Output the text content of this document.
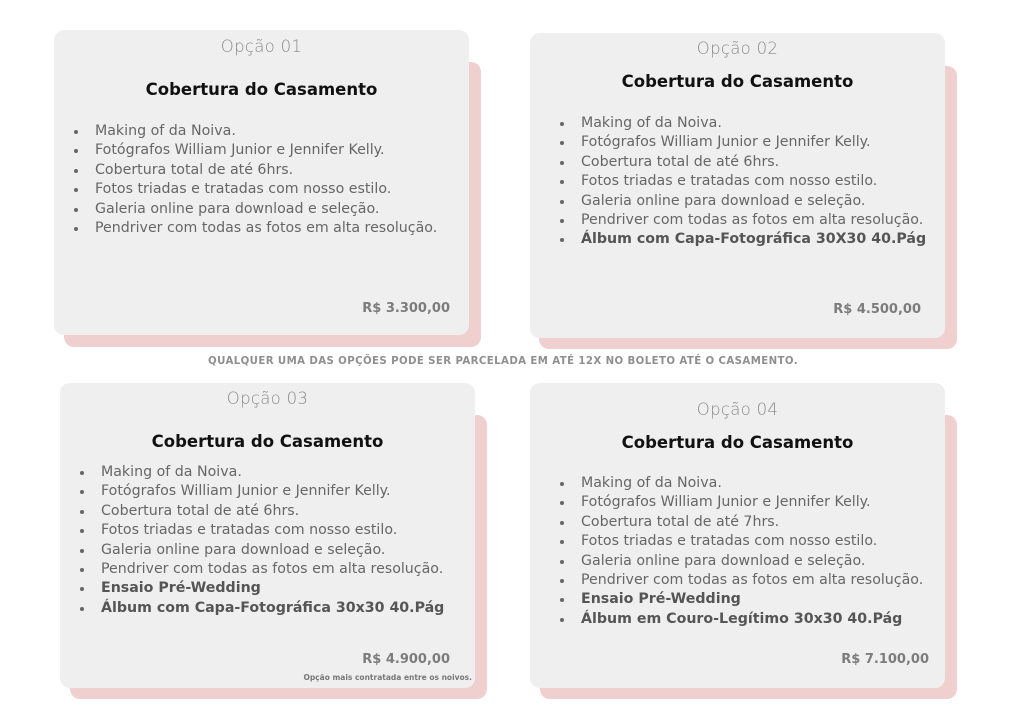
Opção 01
Cobertura do Casamento
Making of da Noiva.
Fotógrafos William Junior e Jennifer Kelly.
Cobertura total de até 6hrs.
Fotos triadas e tratadas com nosso estilo.
Galeria online para download e seleção.
Pendriver com todas as fotos em alta resolução.
R$ 3.300,00
Opção 02
Cobertura do Casamento
Making of da Noiva.
Fotógrafos William Junior e Jennifer Kelly.
Cobertura total de até 6hrs.
Fotos triadas e tratadas com nosso estilo.
Galeria online para download e seleção.
Pendriver com todas as fotos em alta resolução.
Álbum com Capa-Fotográfica 30X30 40.Pág
R$ 4.500,00
QUALQUER UMA DAS OPÇÕES PODE SER PARCELADA EM ATÉ 12X NO BOLETO ATÉ O CASAMENTO.
Opção 03
Cobertura do Casamento
Making of da Noiva.
Fotógrafos William Junior e Jennifer Kelly.
Cobertura total de até 6hrs.
Fotos triadas e tratadas com nosso estilo.
Galeria online para download e seleção.
Pendriver com todas as fotos em alta resolução.
Ensaio Pré-Wedding
Álbum com Capa-Fotográfica 30x30 40.Pág
R$ 4.900,00
Opção mais contratada entre os noivos.
Opção 04
Cobertura do Casamento
Making of da Noiva.
Fotógrafos William Junior e Jennifer Kelly.
Cobertura total de até 7hrs.
Fotos triadas e tratadas com nosso estilo.
Galeria online para download e seleção.
Pendriver com todas as fotos em alta resolução.
Ensaio Pré-Wedding
Álbum em Couro-Legítimo 30x30 40.Pág
R$ 7.100,00
